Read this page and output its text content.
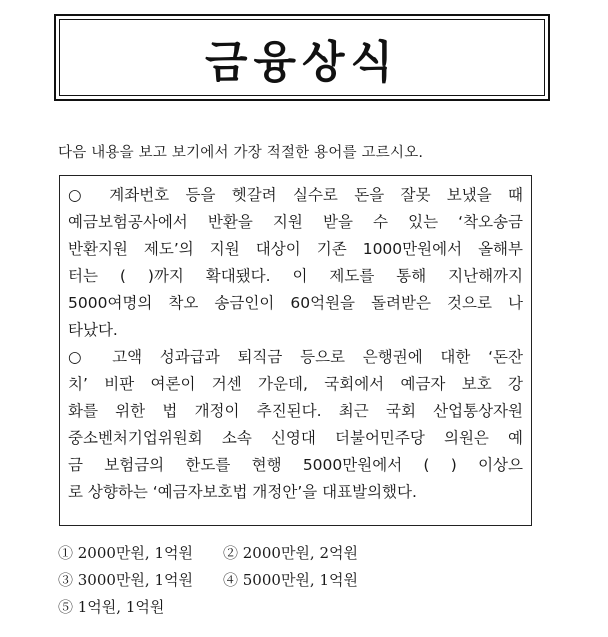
금융상식
다음 내용을 보고 보기에서 가장 적절한 용어를 고르시오.
○ 계좌번호 등을 헷갈려 실수로 돈을 잘못 보냈을 때
예금보험공사에서 반환을 지원 받을 수 있는 ‘착오송금
반환지원 제도’의 지원 대상이 기존 1000만원에서 올해부
터는 ( )까지 확대됐다. 이 제도를 통해 지난해까지
5000여명의 착오 송금인이 60억원을 돌려받은 것으로 나
타났다.
○ 고액 성과급과 퇴직금 등으로 은행권에 대한 ‘돈잔
치’ 비판 여론이 거센 가운데, 국회에서 예금자 보호 강
화를 위한 법 개정이 추진된다. 최근 국회 산업통상자원
중소벤처기업위원회 소속 신영대 더불어민주당 의원은 예
금 보험금의 한도를 현행 5000만원에서 ( ) 이상으
로 상향하는 ‘예금자보호법 개정안’을 대표발의했다.
① 2000만원, 1억원	② 2000만원, 2억원
③ 3000만원, 1억원	④ 5000만원, 1억원
⑤ 1억원, 1억원
